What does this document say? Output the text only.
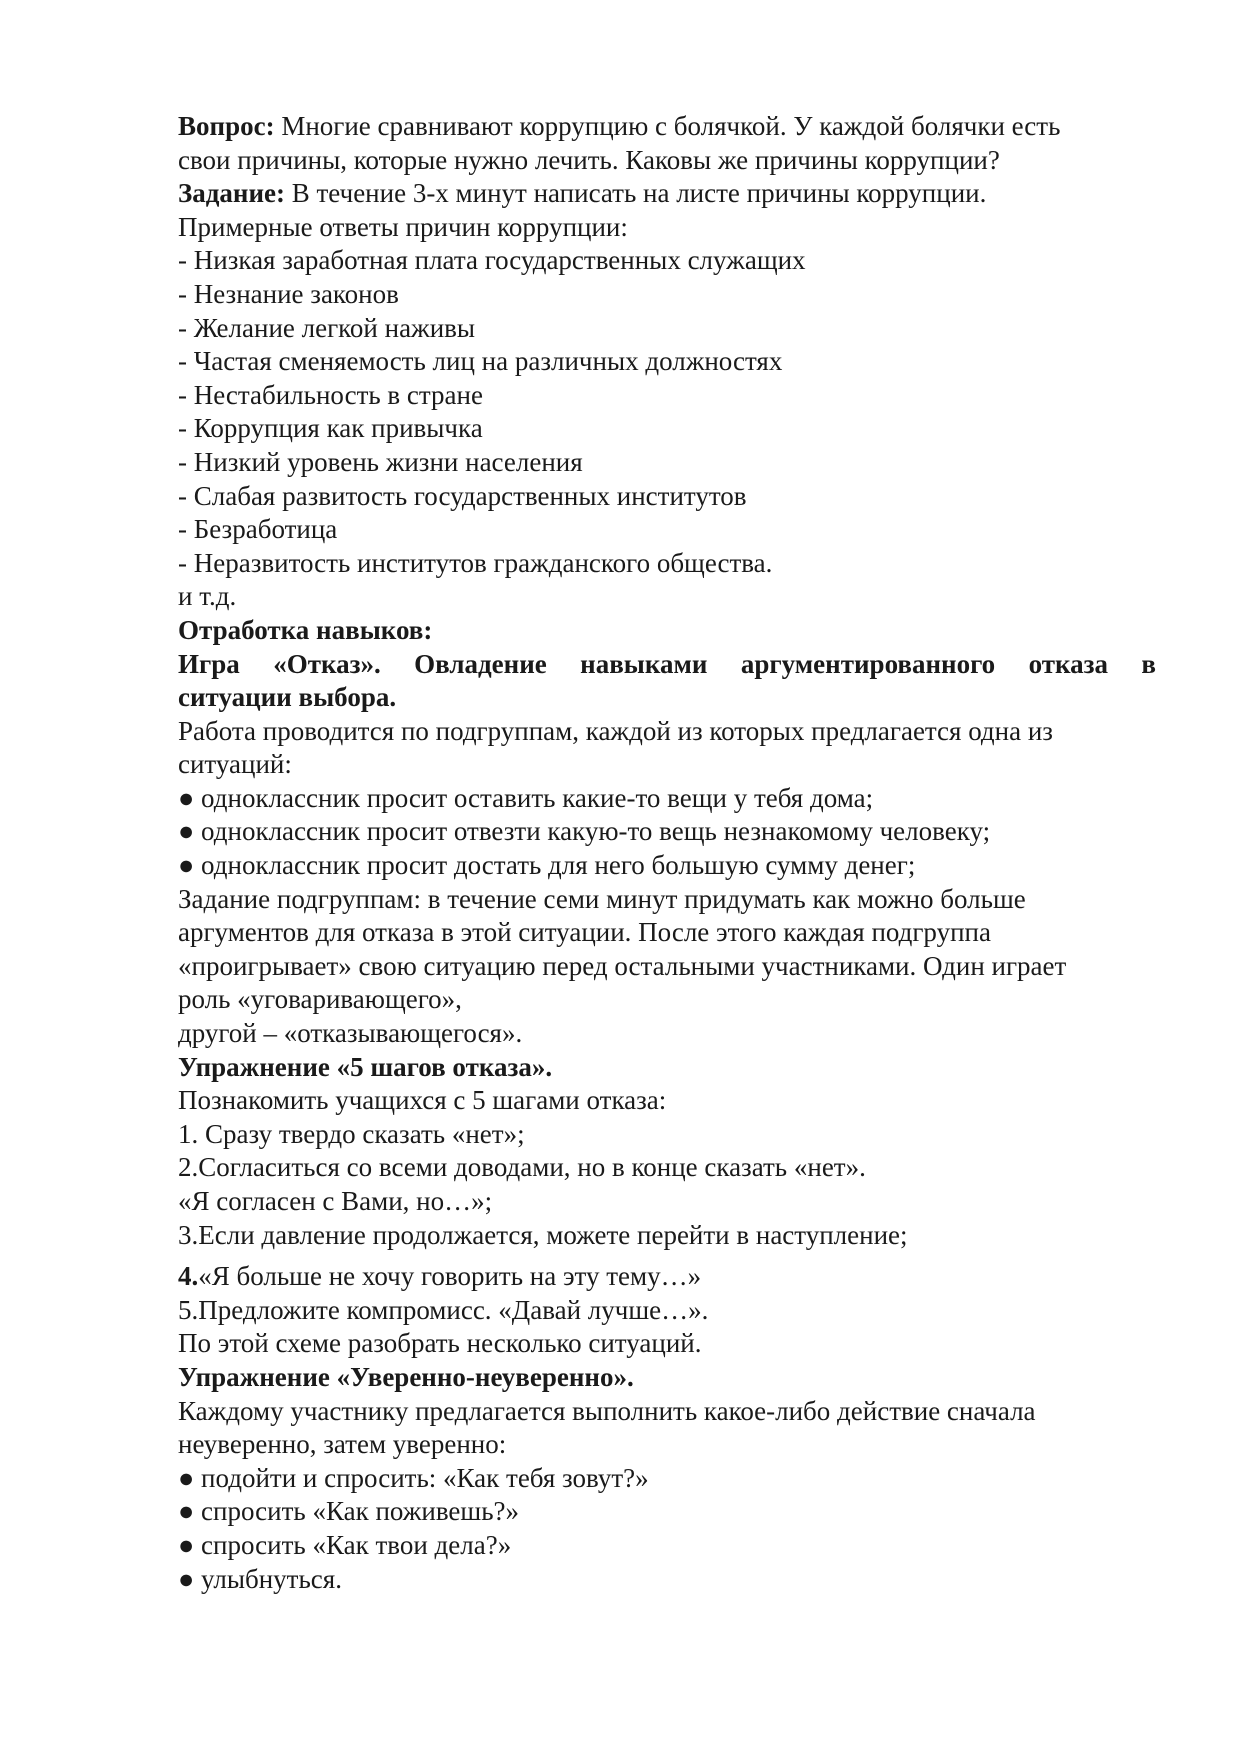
Вопрос: Многие сравнивают коррупцию с болячкой. У каждой болячки есть
свои причины, которые нужно лечить. Каковы же причины коррупции?
Задание: В течение 3-х минут написать на листе причины коррупции.
Примерные ответы причин коррупции:
- Низкая заработная плата государственных служащих
- Незнание законов
- Желание легкой наживы
- Частая сменяемость лиц на различных должностях
- Нестабильность в стране
- Коррупция как привычка
- Низкий уровень жизни населения
- Слабая развитость государственных институтов
- Безработица
- Неразвитость институтов гражданского общества.
и т.д.
Отработка навыков:
Игра «Отказ». Овладение навыками аргументированного отказа в
ситуации выбора.
Работа проводится по подгруппам, каждой из которых предлагается одна из
ситуаций:
● одноклассник просит оставить какие-то вещи у тебя дома;
● одноклассник просит отвезти какую-то вещь незнакомому человеку;
● одноклассник просит достать для него большую сумму денег;
Задание подгруппам: в течение семи минут придумать как можно больше
аргументов для отказа в этой ситуации. После этого каждая подгруппа
«проигрывает» свою ситуацию перед остальными участниками. Один играет
роль «уговаривающего»,
другой – «отказывающегося».
Упражнение «5 шагов отказа».
Познакомить учащихся с 5 шагами отказа:
1. Сразу твердо сказать «нет»;
2.Согласиться со всеми доводами, но в конце сказать «нет».
«Я согласен с Вами, но…»;
3.Если давление продолжается, можете перейти в наступление;
4.«Я больше не хочу говорить на эту тему…»
5.Предложите компромисс. «Давай лучше…».
По этой схеме разобрать несколько ситуаций.
Упражнение «Уверенно-неуверенно».
Каждому участнику предлагается выполнить какое-либо действие сначала
неуверенно, затем уверенно:
● подойти и спросить: «Как тебя зовут?»
● спросить «Как поживешь?»
● спросить «Как твои дела?»
● улыбнуться.
